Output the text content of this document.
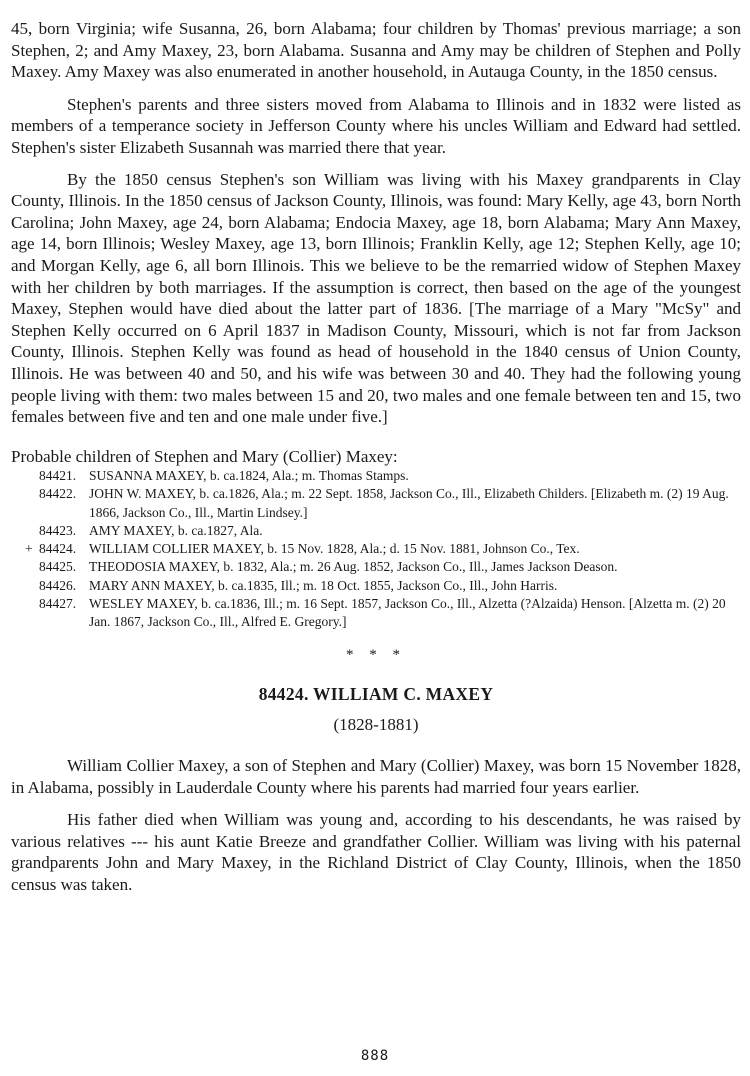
45, born Virginia; wife Susanna, 26, born Alabama; four children by Thomas' previous marriage; a son Stephen, 2; and Amy Maxey, 23, born Alabama. Susanna and Amy may be children of Stephen and Polly Maxey. Amy Maxey was also enumerated in another household, in Autauga County, in the 1850 census.

Stephen's parents and three sisters moved from Alabama to Illinois and in 1832 were listed as members of a temperance society in Jefferson County where his uncles William and Edward had settled. Stephen's sister Elizabeth Susannah was married there that year.

By the 1850 census Stephen's son William was living with his Maxey grandparents in Clay County, Illinois. In the 1850 census of Jackson County, Illinois, was found: Mary Kelly, age 43, born North Carolina; John Maxey, age 24, born Alabama; Endocia Maxey, age 18, born Alabama; Mary Ann Maxey, age 14, born Illinois; Wesley Maxey, age 13, born Illinois; Franklin Kelly, age 12; Stephen Kelly, age 10; and Morgan Kelly, age 6, all born Illinois. This we believe to be the remarried widow of Stephen Maxey with her children by both marriages. If the assumption is correct, then based on the age of the youngest Maxey, Stephen would have died about the latter part of 1836. [The marriage of a Mary "McSy" and Stephen Kelly occurred on 6 April 1837 in Madison County, Missouri, which is not far from Jackson County, Illinois. Stephen Kelly was found as head of household in the 1840 census of Union County, Illinois. He was between 40 and 50, and his wife was between 30 and 40. They had the following young people living with them: two males between 15 and 20, two males and one female between ten and 15, two females between five and ten and one male under five.]

Probable children of Stephen and Mary (Collier) Maxey:

84421. SUSANNA MAXEY, b. ca.1824, Ala.; m. Thomas Stamps.
84422. JOHN W. MAXEY, b. ca.1826, Ala.; m. 22 Sept. 1858, Jackson Co., Ill., Elizabeth Childers. [Elizabeth m. (2) 19 Aug. 1866, Jackson Co., Ill., Martin Lindsey.]
84423. AMY MAXEY, b. ca.1827, Ala.
+ 84424. WILLIAM COLLIER MAXEY, b. 15 Nov. 1828, Ala.; d. 15 Nov. 1881, Johnson Co., Tex.
84425. THEODOSIA MAXEY, b. 1832, Ala.; m. 26 Aug. 1852, Jackson Co., Ill., James Jackson Deason.
84426. MARY ANN MAXEY, b. ca.1835, Ill.; m. 18 Oct. 1855, Jackson Co., Ill., John Harris.
84427. WESLEY MAXEY, b. ca.1836, Ill.; m. 16 Sept. 1857, Jackson Co., Ill., Alzetta (?Alzaida) Henson. [Alzetta m. (2) 20 Jan. 1867, Jackson Co., Ill., Alfred E. Gregory.]

* * *

84424. WILLIAM C. MAXEY

(1828-1881)

William Collier Maxey, a son of Stephen and Mary (Collier) Maxey, was born 15 November 1828, in Alabama, possibly in Lauderdale County where his parents had married four years earlier.

His father died when William was young and, according to his descendants, he was raised by various relatives --- his aunt Katie Breeze and grandfather Collier. William was living with his paternal grandparents John and Mary Maxey, in the Richland District of Clay County, Illinois, when the 1850 census was taken.

888
